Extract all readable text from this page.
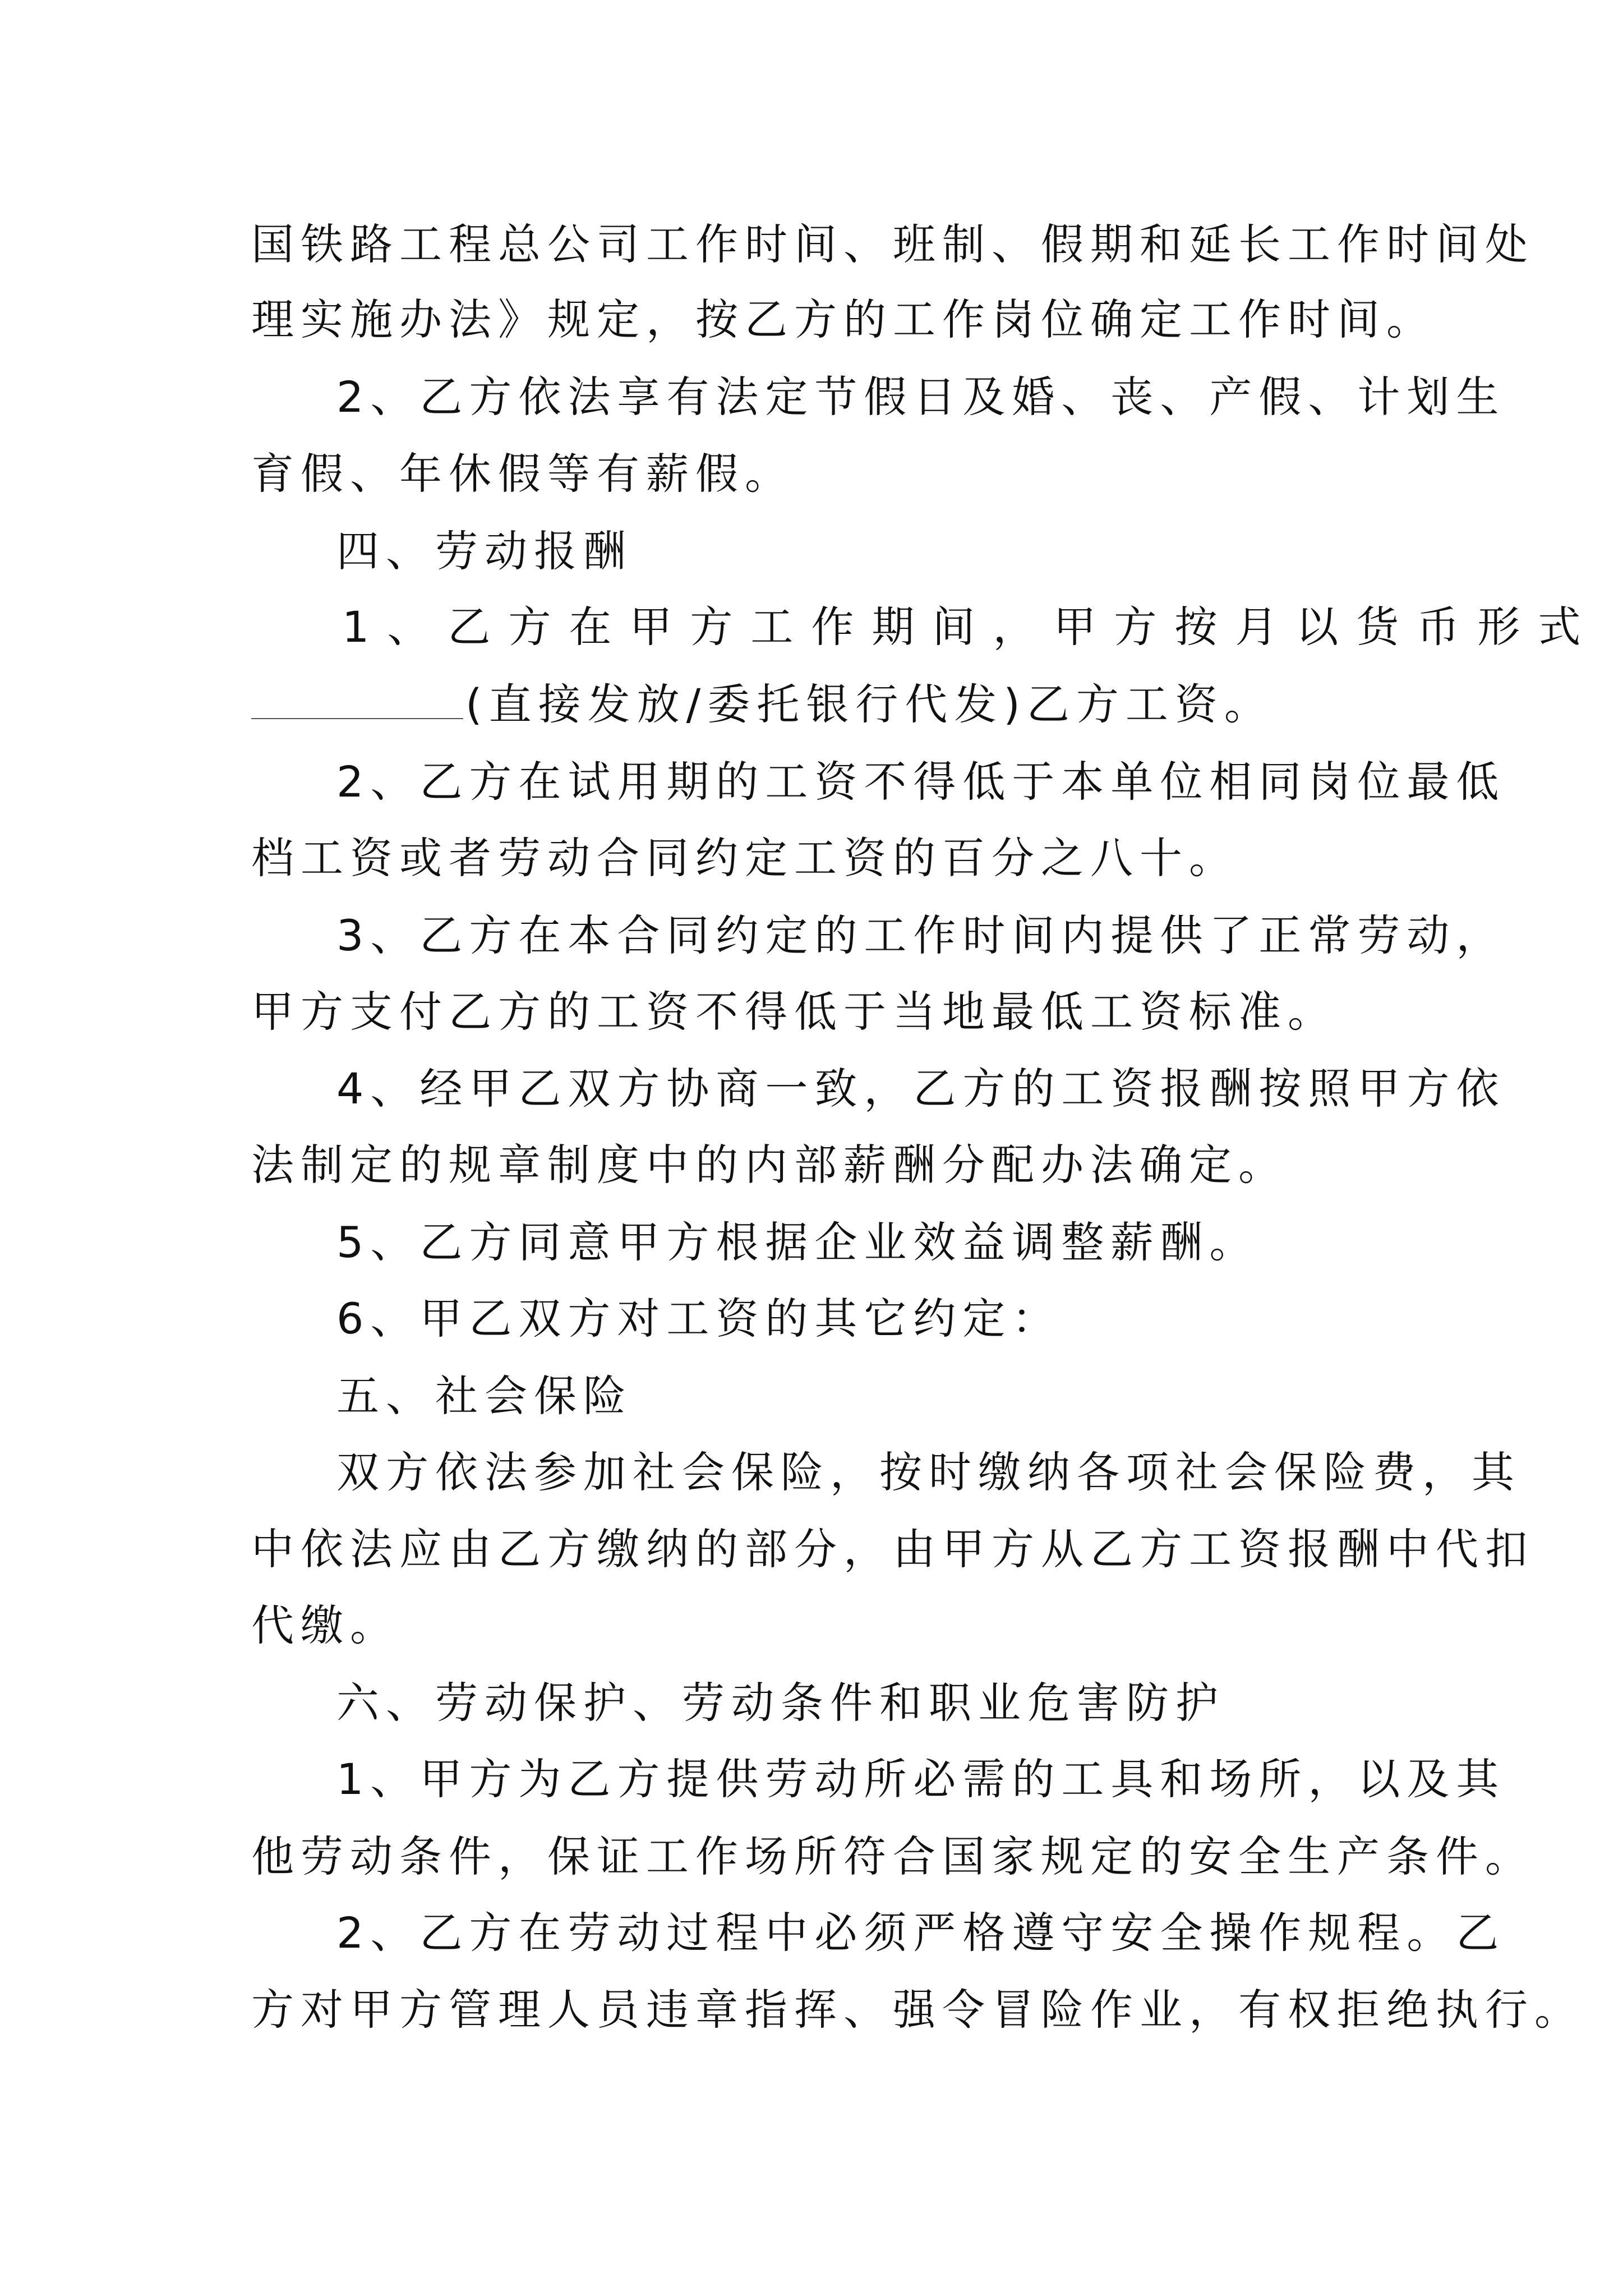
国铁路工程总公司工作时间、班制、假期和延长工作时间处
理实施办法》规定，按乙方的工作岗位确定工作时间。
2、乙方依法享有法定节假日及婚、丧、产假、计划生
育假、年休假等有薪假。
四、劳动报酬
1、乙方在甲方工作期间，甲方按月以货币形式
(直接发放/委托银行代发)乙方工资。
2、乙方在试用期的工资不得低于本单位相同岗位最低
档工资或者劳动合同约定工资的百分之八十。
3、乙方在本合同约定的工作时间内提供了正常劳动，
甲方支付乙方的工资不得低于当地最低工资标准。
4、经甲乙双方协商一致，乙方的工资报酬按照甲方依
法制定的规章制度中的内部薪酬分配办法确定。
5、乙方同意甲方根据企业效益调整薪酬。
6、甲乙双方对工资的其它约定：
五、社会保险
双方依法参加社会保险，按时缴纳各项社会保险费，其
中依法应由乙方缴纳的部分，由甲方从乙方工资报酬中代扣
代缴。
六、劳动保护、劳动条件和职业危害防护
1、甲方为乙方提供劳动所必需的工具和场所，以及其
他劳动条件，保证工作场所符合国家规定的安全生产条件。
2、乙方在劳动过程中必须严格遵守安全操作规程。乙
方对甲方管理人员违章指挥、强令冒险作业，有权拒绝执行。
